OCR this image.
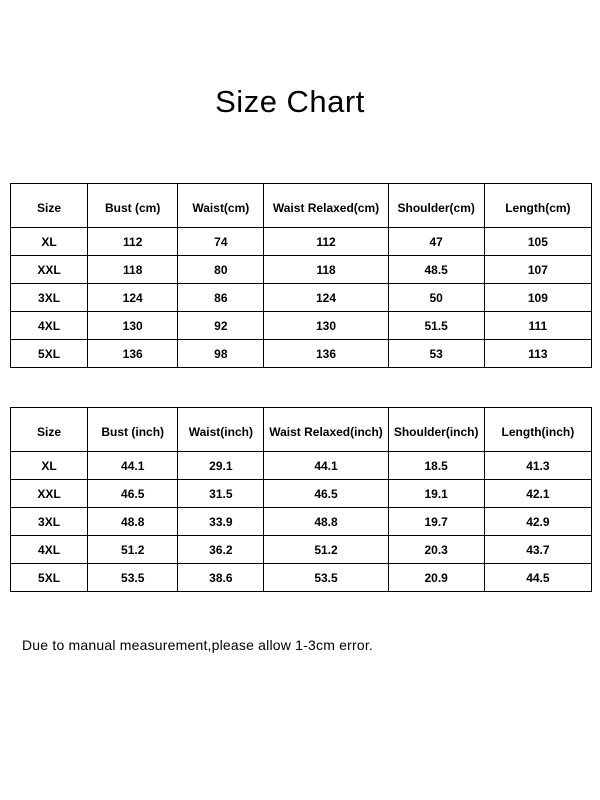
Size Chart
Size	Bust (cm)	Waist(cm)	Waist Relaxed(cm)	Shoulder(cm)	Length(cm)
XL	112	74	112	47	105
XXL	118	80	118	48.5	107
3XL	124	86	124	50	109
4XL	130	92	130	51.5	111
5XL	136	98	136	53	113
Size	Bust (inch)	Waist(inch)	Waist Relaxed(inch)	Shoulder(inch)	Length(inch)
XL	44.1	29.1	44.1	18.5	41.3
XXL	46.5	31.5	46.5	19.1	42.1
3XL	48.8	33.9	48.8	19.7	42.9
4XL	51.2	36.2	51.2	20.3	43.7
5XL	53.5	38.6	53.5	20.9	44.5
Due to manual measurement,please allow 1-3cm error.
